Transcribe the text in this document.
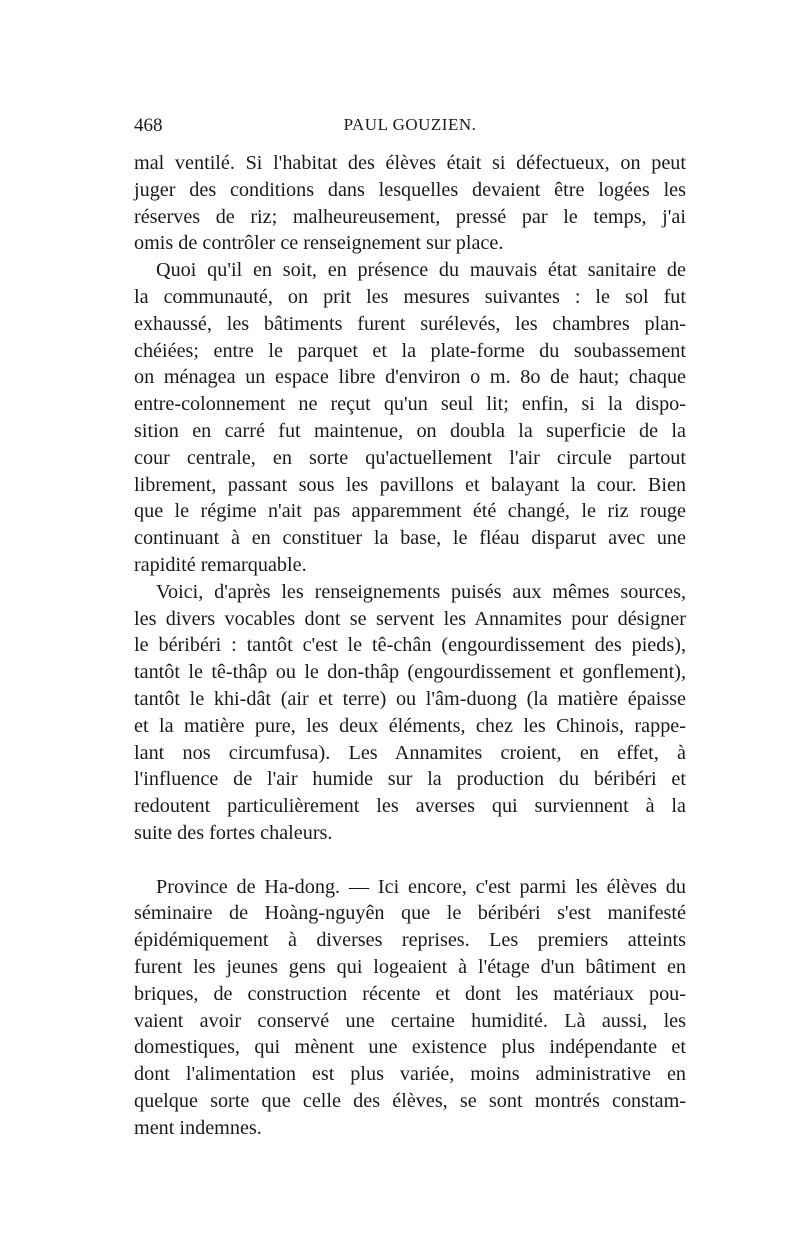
468	PAUL GOUZIEN.
mal ventilé. Si l'habitat des élèves était si défectueux, on peut
juger des conditions dans lesquelles devaient être logées les
réserves de riz; malheureusement, pressé par le temps, j'ai
omis de contrôler ce renseignement sur place.
Quoi qu'il en soit, en présence du mauvais état sanitaire de
la communauté, on prit les mesures suivantes : le sol fut
exhaussé, les bâtiments furent surélevés, les chambres plan-
chéiées; entre le parquet et la plate-forme du soubassement
on ménagea un espace libre d'environ o m. 8o de haut; chaque
entre-colonnement ne reçut qu'un seul lit; enfin, si la dispo-
sition en carré fut maintenue, on doubla la superficie de la
cour centrale, en sorte qu'actuellement l'air circule partout
librement, passant sous les pavillons et balayant la cour. Bien
que le régime n'ait pas apparemment été changé, le riz rouge
continuant à en constituer la base, le fléau disparut avec une
rapidité remarquable.
Voici, d'après les renseignements puisés aux mêmes sources,
les divers vocables dont se servent les Annamites pour désigner
le béribéri : tantôt c'est le tê-chân (engourdissement des pieds),
tantôt le tê-thâp ou le don-thâp (engourdissement et gonflement),
tantôt le khi-dât (air et terre) ou l'âm-duong (la matière épaisse
et la matière pure, les deux éléments, chez les Chinois, rappe-
lant nos circumfusa). Les Annamites croient, en effet, à
l'influence de l'air humide sur la production du béribéri et
redoutent particulièrement les averses qui surviennent à la
suite des fortes chaleurs.
Province de Ha-dong. — Ici encore, c'est parmi les élèves du
séminaire de Hoàng-nguyên que le béribéri s'est manifesté
épidémiquement à diverses reprises. Les premiers atteints
furent les jeunes gens qui logeaient à l'étage d'un bâtiment en
briques, de construction récente et dont les matériaux pou-
vaient avoir conservé une certaine humidité. Là aussi, les
domestiques, qui mènent une existence plus indépendante et
dont l'alimentation est plus variée, moins administrative en
quelque sorte que celle des élèves, se sont montrés constam-
ment indemnes.
